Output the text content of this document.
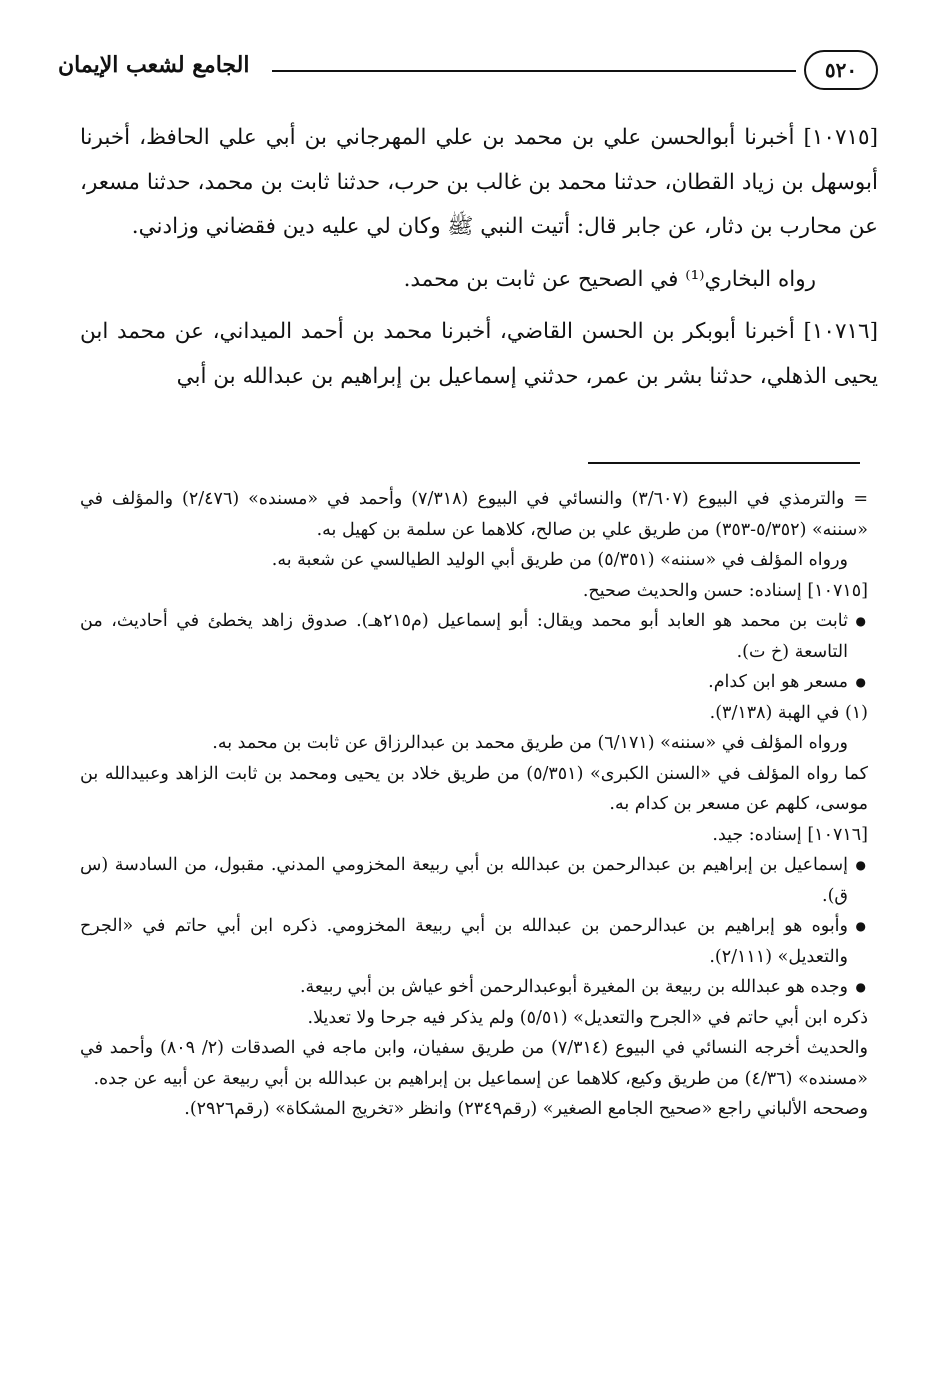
٥٢٠
الجامع لشعب الإيمان

[١٠٧١٥] أخبرنا أبوالحسن علي بن محمد بن علي المهرجاني بن أبي علي الحافظ، أخبرنا أبوسهل بن زياد القطان، حدثنا محمد بن غالب بن حرب، حدثنا ثابت بن محمد، حدثنا مسعر، عن محارب بن دثار، عن جابر قال: أتيت النبي ﷺ وكان لي عليه دين فقضاني وزادني.

رواه البخاري⁽¹⁾ في الصحيح عن ثابت بن محمد.

[١٠٧١٦] أخبرنا أبوبكر بن الحسن القاضي، أخبرنا محمد بن أحمد الميداني، عن محمد ابن يحيى الذهلي، حدثنا بشر بن عمر، حدثني إسماعيل بن إبراهيم بن عبدالله بن أبي

= والترمذي في البيوع (٣/٦٠٧) والنسائي في البيوع (٧/٣١٨) وأحمد في «مسنده» (٢/٤٧٦) والمؤلف في «سننه» (٥/٣٥٢-٣٥٣) من طريق علي بن صالح، كلاهما عن سلمة بن كهيل به.

ورواه المؤلف في «سننه» (٥/٣٥١) من طريق أبي الوليد الطيالسي عن شعبة به.

[١٠٧١٥] إسناده: حسن والحديث صحيح.

● ثابت بن محمد هو العابد أبو محمد ويقال: أبو إسماعيل (م٢١٥هـ). صدوق زاهد يخطئ في أحاديث، من التاسعة (خ ت).

● مسعر هو ابن كدام.

(١) في الهبة (٣/١٣٨).

ورواه المؤلف في «سننه» (٦/١٧١) من طريق محمد بن عبدالرزاق عن ثابت بن محمد به.

كما رواه المؤلف في «السنن الكبرى» (٥/٣٥١) من طريق خلاد بن يحيى ومحمد بن ثابت الزاهد وعبيدالله بن موسى، كلهم عن مسعر بن كدام به.

[١٠٧١٦] إسناده: جيد.

● إسماعيل بن إبراهيم بن عبدالرحمن بن عبدالله بن أبي ربيعة المخزومي المدني. مقبول، من السادسة (س ق).

● وأبوه هو إبراهيم بن عبدالرحمن بن عبدالله بن أبي ربيعة المخزومي. ذكره ابن أبي حاتم في «الجرح والتعديل» (٢/١١١).

● وجده هو عبدالله بن ربيعة بن المغيرة أبوعبدالرحمن أخو عياش بن أبي ربيعة.

ذكره ابن أبي حاتم في «الجرح والتعديل» (٥/٥١) ولم يذكر فيه جرحا ولا تعديلا.

والحديث أخرجه النسائي في البيوع (٧/٣١٤) من طريق سفيان، وابن ماجه في الصدقات (٢/ ٨٠٩) وأحمد في «مسنده» (٤/٣٦) من طريق وكيع، كلاهما عن إسماعيل بن إبراهيم بن عبدالله بن أبي ربيعة عن أبيه عن جده.

وصححه الألباني راجع «صحيح الجامع الصغير» (رقم٢٣٤٩) وانظر «تخريج المشكاة» (رقم٢٩٢٦).
